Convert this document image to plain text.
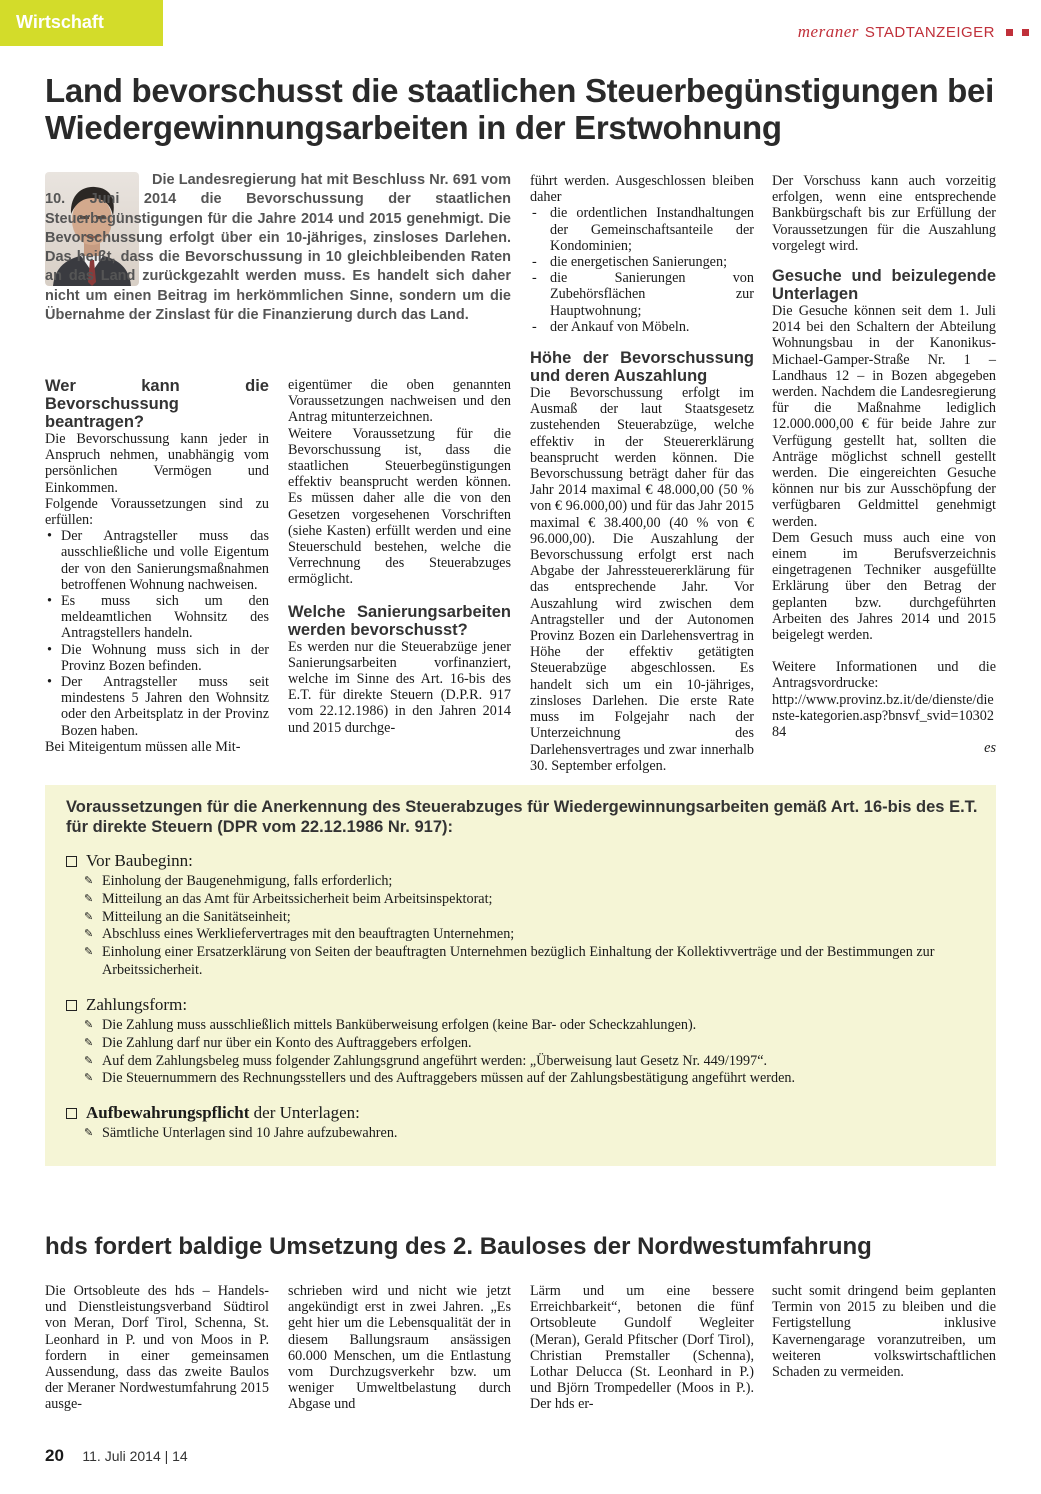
Wirtschaft	meraner STADTANZEIGER
Land bevorschusst die staatlichen Steuerbegünstigungen bei Wiedergewinnungsarbeiten in der Erstwohnung
Die Landesregierung hat mit Beschluss Nr. 691 vom 10. Juni 2014 die Bevorschussung der staatlichen Steuerbegünstigungen für die Jahre 2014 und 2015 genehmigt. Die Bevorschussung erfolgt über ein 10-jähriges, zinsloses Darlehen. Das heißt, dass die Bevorschussung in 10 gleichbleibenden Raten an das Land zurückgezahlt werden muss. Es handelt sich daher nicht um einen Beitrag im herkömmlichen Sinne, sondern um die Übernahme der Zinslast für die Finanzierung durch das Land.
Wer kann die Bevorschussung beantragen?

Die Bevorschussung kann jeder in Anspruch nehmen, unabhängig vom persönlichen Vermögen und Einkommen.

Folgende Voraussetzungen sind zu erfüllen:

• Der Antragsteller muss das ausschließliche und volle Eigentum der von den Sanierungsmaßnahmen betroffenen Wohnung nachweisen.
• Es muss sich um den meldeamtlichen Wohnsitz des Antragstellers handeln.
• Die Wohnung muss sich in der Provinz Bozen befinden.
• Der Antragsteller muss seit mindestens 5 Jahren den Wohnsitz oder den Arbeitsplatz in der Provinz Bozen haben.

Bei Miteigentum müssen alle Mit-

eigentümer die oben genannten Voraussetzungen nachweisen und den Antrag mitunterzeichnen.

Weitere Voraussetzung für die Bevorschussung ist, dass die staatlichen Steuerbegünstigungen effektiv beansprucht werden können. Es müssen daher alle die von den Gesetzen vorgesehenen Vorschriften (siehe Kasten) erfüllt werden und eine Steuerschuld bestehen, welche die Verrechnung des Steuerabzuges ermöglicht.

Welche Sanierungsarbeiten werden bevorschusst?

Es werden nur die Steuerabzüge jener Sanierungsarbeiten vorfinanziert, welche im Sinne des Art. 16-bis des E.T. für direkte Steuern (D.P.R. 917 vom 22.12.1986) in den Jahren 2014 und 2015 durchge-

führt werden. Ausgeschlossen bleiben daher

- die ordentlichen Instandhaltungen der Gemeinschaftsanteile der Kondominien;
- die energetischen Sanierungen;
- die Sanierungen von Zubehörsflächen zur Hauptwohnung;
- der Ankauf von Möbeln.
Höhe der Bevorschussung und deren Auszahlung

Die Bevorschussung erfolgt im Ausmaß der laut Staatsgesetz zustehenden Steuerabzüge, welche effektiv in der Steuererklärung beansprucht werden können. Die Bevorschussung beträgt daher für das Jahr 2014 maximal € 48.000,00 (50 % von € 96.000,00) und für das Jahr 2015 maximal € 38.400,00 (40 % von € 96.000,00). Die Auszahlung der Bevorschussung erfolgt erst nach Abgabe der Jahressteuererklärung für das entsprechende Jahr. Vor Auszahlung wird zwischen dem Antragsteller und der Autonomen Provinz Bozen ein Darlehensvertrag in Höhe der effektiv getätigten Steuerabzüge abgeschlossen. Es handelt sich um ein 10-jähriges, zinsloses Darlehen. Die erste Rate muss im Folgejahr nach der Unterzeichnung des Darlehensvertrages und zwar innerhalb 30. September erfolgen.

Der Vorschuss kann auch vorzeitig erfolgen, wenn eine entsprechende Bankbürgschaft bis zur Erfüllung der Voraussetzungen für die Auszahlung vorgelegt wird.

Gesuche und beizulegende Unterlagen

Die Gesuche können seit dem 1. Juli 2014 bei den Schaltern der Abteilung Wohnungsbau in der Kanonikus-Michael-Gamper-Straße Nr. 1 – Landhaus 12 – in Bozen abgegeben werden. Nachdem die Landesregierung für die Maßnahme lediglich 12.000.000,00 € für beide Jahre zur Verfügung gestellt hat, sollten die Anträge möglichst schnell gestellt werden. Die eingereichten Gesuche können nur bis zur Ausschöpfung der verfügbaren Geldmittel genehmigt werden.

Dem Gesuch muss auch eine von einem im Berufsverzeichnis eingetragenen Techniker ausgefüllte Erklärung über den Betrag der geplanten bzw. durchgeführten Arbeiten des Jahres 2014 und 2015 beigelegt werden.

Weitere Informationen und die Antragsvordrucke:

http://www.provinz.bz.it/de/dienste/dienste-kategorien.asp?bnsvf_svid=1030284

es

Voraussetzungen für die Anerkennung des Steuerabzuges für Wiedergewinnungsarbeiten gemäß Art. 16-bis des E.T. für direkte Steuern (DPR vom 22.12.1986 Nr. 917):
Vor Baubeginn :
✎ Einholung der Baugenehmigung, falls erforderlich;
✎ Mitteilung an das Amt für Arbeitssicherheit beim Arbeitsinspektorat;
✎ Mitteilung an die Sanitätseinheit;
✎ Abschluss eines Werkliefervertrages mit den beauftragten Unternehmen;
✎ Einholung einer Ersatzerklärung von Seiten der beauftragten Unternehmen bezüglich Einhaltung der Kollektivverträge und der Bestimmungen zur Arbeitssicherheit.
Zahlungsform :
✎ Die Zahlung muss ausschließlich mittels Banküberweisung erfolgen (keine Bar- oder Scheckzahlungen).
✎ Die Zahlung darf nur über ein Konto des Auftraggebers erfolgen.
✎ Auf dem Zahlungsbeleg muss folgender Zahlungsgrund angeführt werden: „Überweisung laut Gesetz Nr. 449/1997“.
✎ Die Steuernummern des Rechnungsstellers und des Auftraggebers müssen auf der Zahlungsbestätigung angeführt werden.
Aufbewahrungspflicht der Unterlagen:
✎ Sämtliche Unterlagen sind 10 Jahre aufzubewahren.
hds fordert baldige Umsetzung des 2. Bauloses der Nordwestumfahrung

Die Ortsobleute des hds – Handels- und Dienstleistungsverband Südtirol von Meran, Dorf Tirol, Schenna, St. Leonhard in P. und von Moos in P. fordern in einer gemeinsamen Aussendung, dass das zweite Baulos der Meraner Nordwestumfahrung 2015 ausge-

schrieben wird und nicht wie jetzt angekündigt erst in zwei Jahren. „Es geht hier um die Lebensqualität der in diesem Ballungsraum ansässigen 60.000 Menschen, um die Entlastung vom Durchzugsverkehr bzw. um weniger Umweltbelastung durch Abgase und

Lärm und um eine bessere Erreichbarkeit“, betonen die fünf Ortsobleute Gundolf Wegleiter (Meran), Gerald Pfitscher (Dorf Tirol), Christian Premstaller (Schenna), Lothar Delucca (St. Leonhard in P.) und Björn Trompedeller (Moos in P.). Der hds er-

sucht somit dringend beim geplanten Termin von 2015 zu bleiben und die Fertigstellung inklusive Kavernengarage voranzutreiben, um weiteren volkswirtschaftlichen Schaden zu vermeiden.

20 11. Juli 2014 | 14
